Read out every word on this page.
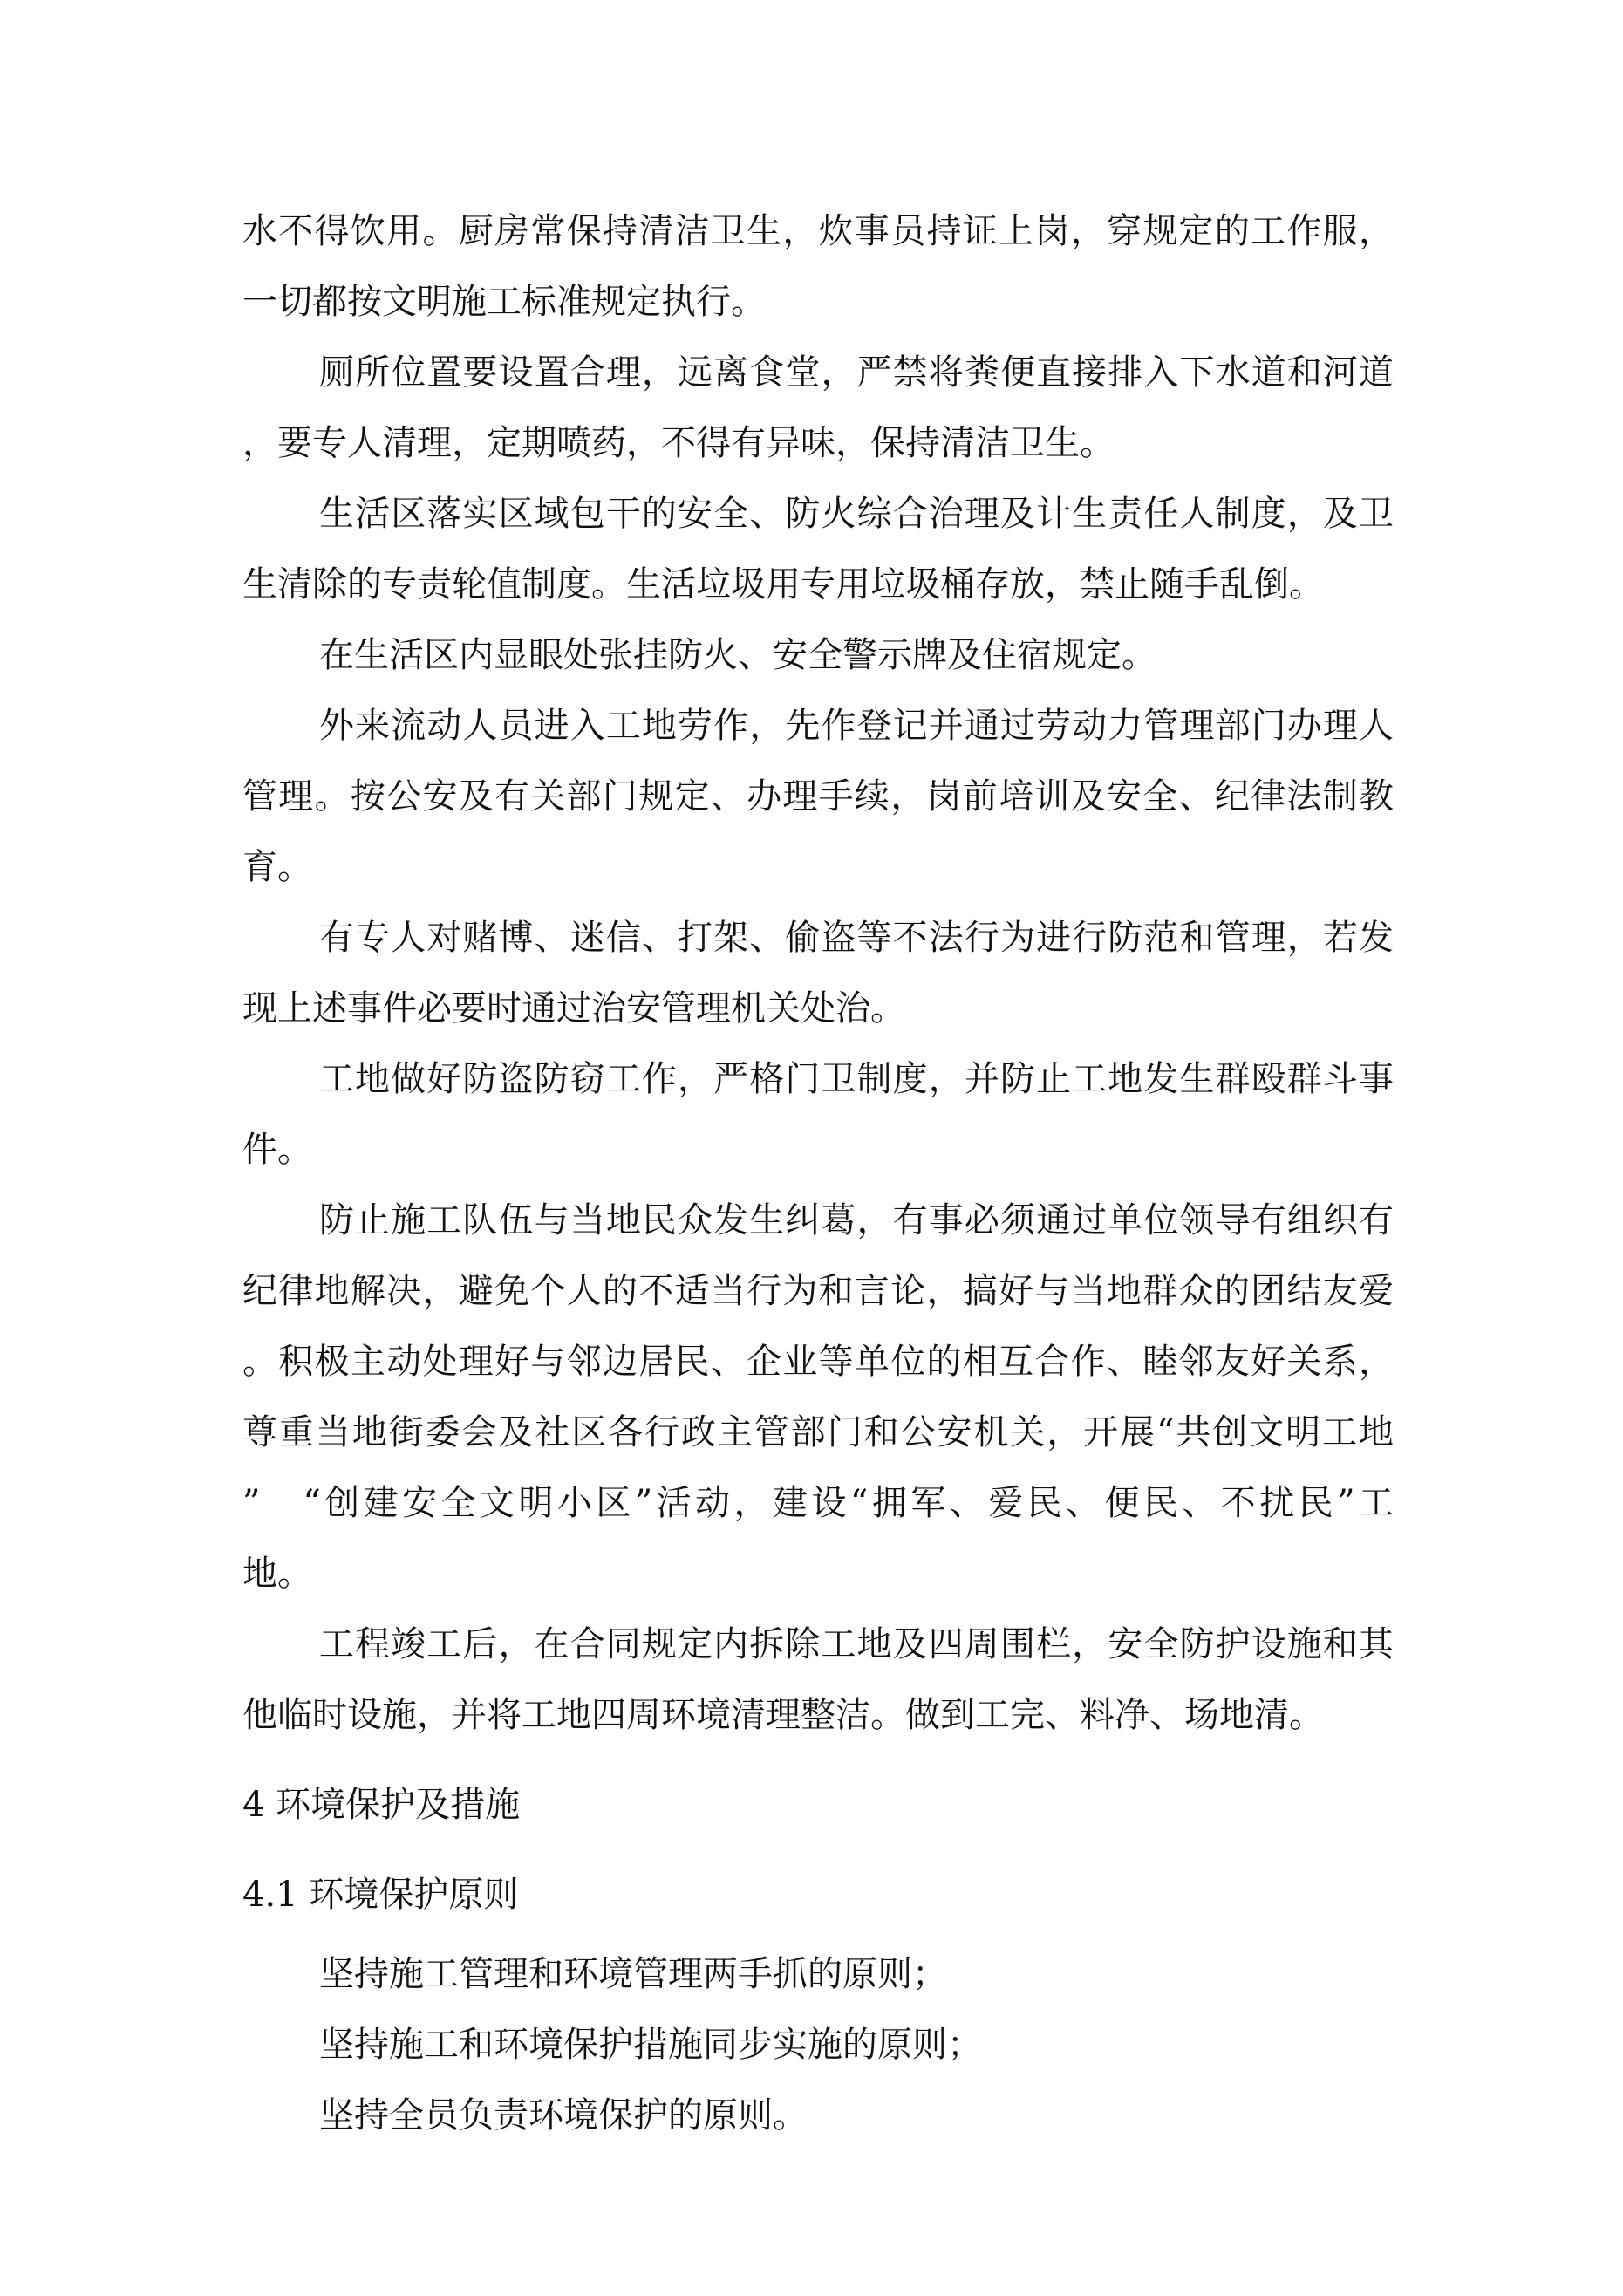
水不得饮用。厨房常保持清洁卫生，炊事员持证上岗，穿规定的工作服，
一切都按文明施工标准规定执行。
厕所位置要设置合理，远离食堂，严禁将粪便直接排入下水道和河道
，要专人清理，定期喷药，不得有异味，保持清洁卫生。
生活区落实区域包干的安全、防火综合治理及计生责任人制度，及卫
生清除的专责轮值制度。生活垃圾用专用垃圾桶存放，禁止随手乱倒。
在生活区内显眼处张挂防火、安全警示牌及住宿规定。
外来流动人员进入工地劳作，先作登记并通过劳动力管理部门办理人
管理。按公安及有关部门规定、办理手续，岗前培训及安全、纪律法制教
育。
有专人对赌博、迷信、打架、偷盗等不法行为进行防范和管理，若发
现上述事件必要时通过治安管理机关处治。
工地做好防盗防窃工作，严格门卫制度，并防止工地发生群殴群斗事
件。
防止施工队伍与当地民众发生纠葛，有事必须通过单位领导有组织有
纪律地解决，避免个人的不适当行为和言论，搞好与当地群众的团结友爱
。积极主动处理好与邻边居民、企业等单位的相互合作、睦邻友好关系，
尊重当地街委会及社区各行政主管部门和公安机关，开展“共创文明工地
”　“创建安全文明小区”活动，建设“拥军、爱民、便民、不扰民”工
地。
工程竣工后，在合同规定内拆除工地及四周围栏，安全防护设施和其
他临时设施，并将工地四周环境清理整洁。做到工完、料净、场地清。
4 环境保护及措施
4.1 环境保护原则
坚持施工管理和环境管理两手抓的原则；
坚持施工和环境保护措施同步实施的原则；
坚持全员负责环境保护的原则。
